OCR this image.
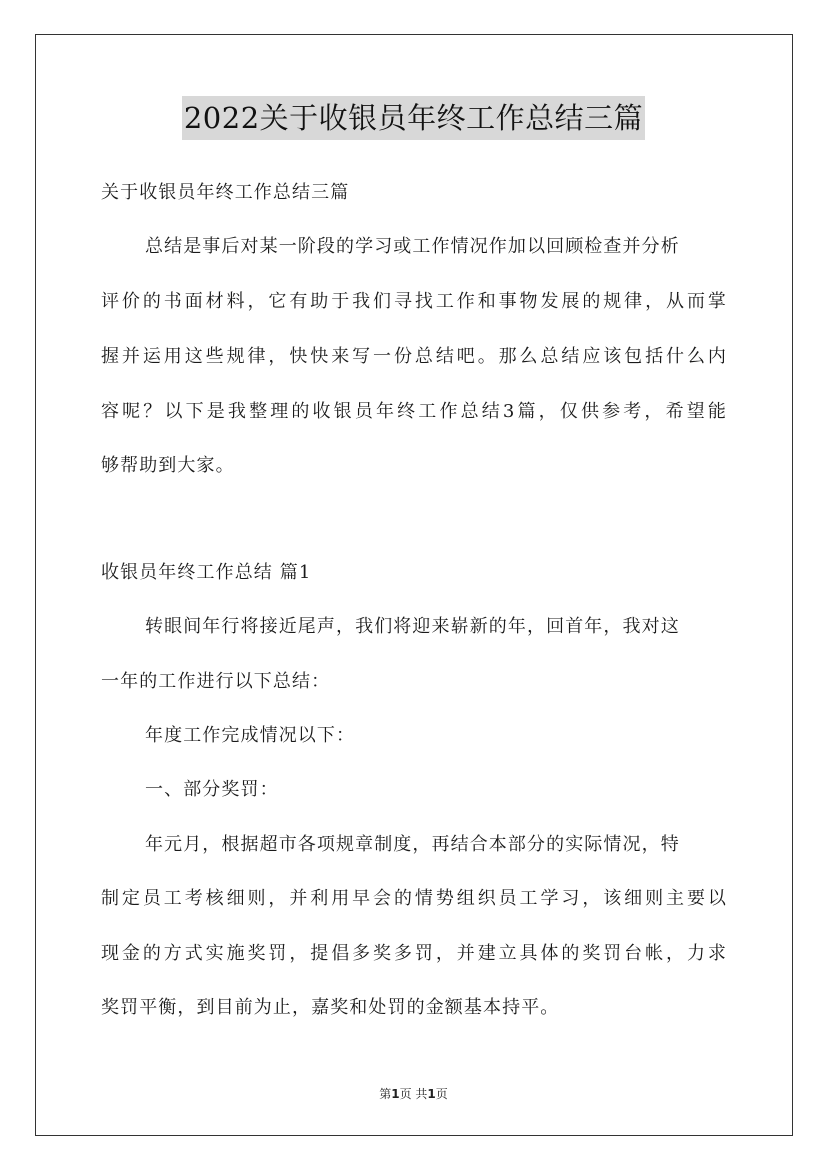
2022关于收银员年终工作总结三篇
关于收银员年终工作总结三篇
总结是事后对某一阶段的学习或工作情况作加以回顾检查并分析
评价的书面材料，它有助于我们寻找工作和事物发展的规律，从而掌
握并运用这些规律，快快来写一份总结吧。那么总结应该包括什么内
容呢？以下是我整理的收银员年终工作总结3篇，仅供参考，希望能
够帮助到大家。
收银员年终工作总结 篇1
转眼间年行将接近尾声，我们将迎来崭新的年，回首年，我对这
一年的工作进行以下总结：
年度工作完成情况以下：
一、部分奖罚：
年元月，根据超市各项规章制度，再结合本部分的实际情况，特
制定员工考核细则，并利用早会的情势组织员工学习，该细则主要以
现金的方式实施奖罚，提倡多奖多罚，并建立具体的奖罚台帐，力求
奖罚平衡，到目前为止，嘉奖和处罚的金额基本持平。
第1页 共1页
